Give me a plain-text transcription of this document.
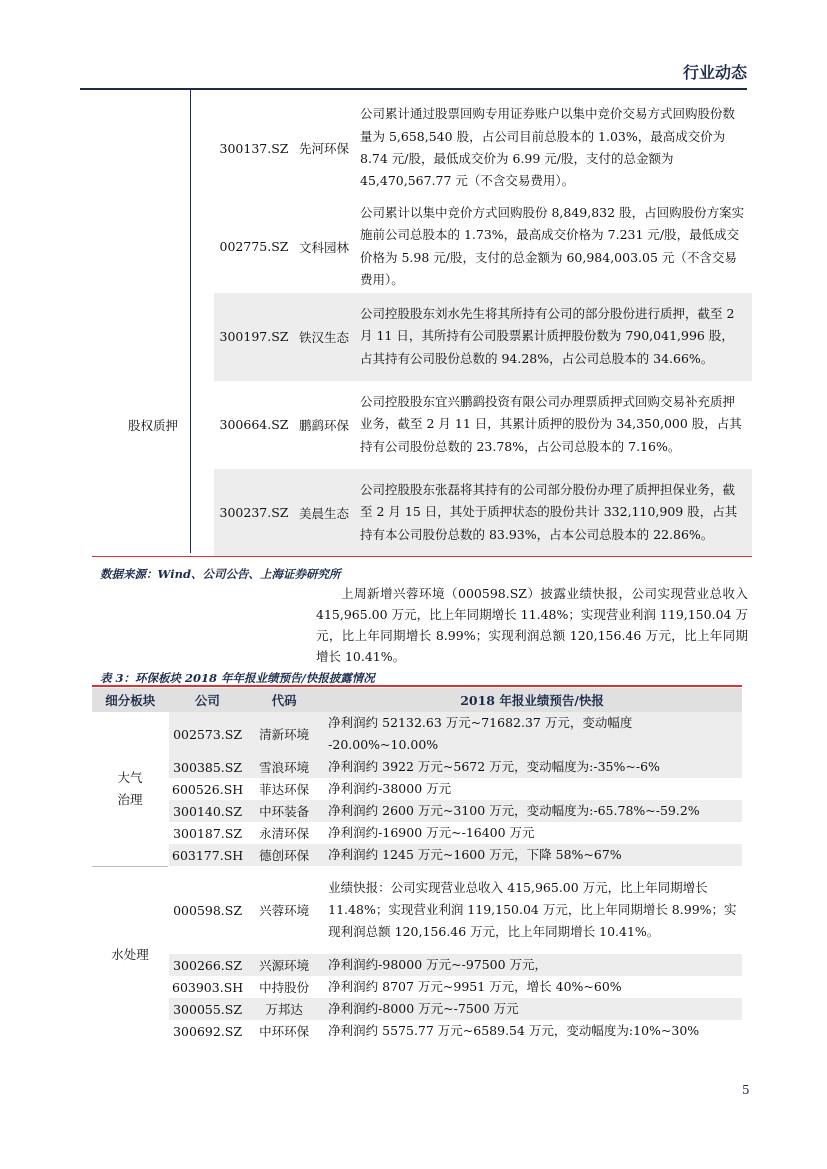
行业动态
	300137.SZ	先河环保	公司累计通过股票回购专用证券账户以集中竞价交易方式回购股份数量为 5,658,540 股，占公司目前总股本的 1.03%，最高成交价为 8.74 元/股，最低成交价为 6.99 元/股，支付的总金额为 45,470,567.77 元（不含交易费用）。
	002775.SZ	文科园林	公司累计以集中竞价方式回购股份 8,849,832 股，占回购股份方案实施前公司总股本的 1.73%，最高成交价格为 7.231 元/股，最低成交价格为 5.98 元/股，支付的总金额为 60,984,003.05 元（不含交易费用）。
	300197.SZ	铁汉生态	公司控股股东刘水先生将其所持有公司的部分股份进行质押，截至 2 月 11 日，其所持有公司股票累计质押股份数为 790,041,996 股，占其持有公司股份总数的 94.28%，占公司总股本的 34.66%。
股权质押	300664.SZ	鹏鹞环保	公司控股股东宜兴鹏鹞投资有限公司办理票质押式回购交易补充质押业务，截至 2 月 11 日，其累计质押的股份为 34,350,000 股，占其持有公司股份总数的 23.78%，占公司总股本的 7.16%。
	300237.SZ	美晨生态	公司控股股东张磊将其持有的公司部分股份办理了质押担保业务，截至 2 月 15 日，其处于质押状态的股份共计 332,110,909 股，占其持有本公司股份总数的 83.93%，占本公司总股本的 22.86%。
数据来源：Wind、公司公告、上海证券研究所
上周新增兴蓉环境（000598.SZ）披露业绩快报，公司实现营业总收入 415,965.00 万元，比上年同期增长 11.48%；实现营业利润 119,150.04 万元，比上年同期增长 8.99%；实现利润总额 120,156.46 万元，比上年同期增长 10.41%。
表 3：环保板块 2018 年年报业绩预告/快报披露情况
细分板块	公司	代码	2018 年报业绩预告/快报
大气
治理	002573.SZ	清新环境	净利润约 52132.63 万元~71682.37 万元，变动幅度 -20.00%~10.00%
	300385.SZ	雪浪环境	净利润约 3922 万元~5672 万元，变动幅度为:-35%~-6%
	600526.SH	菲达环保	净利润约-38000 万元
	300140.SZ	中环装备	净利润约 2600 万元~3100 万元，变动幅度为:-65.78%~-59.2%
	300187.SZ	永清环保	净利润约-16900 万元~-16400 万元
	603177.SH	德创环保	净利润约 1245 万元~1600 万元，下降 58%~67%
水处理	000598.SZ	兴蓉环境	业绩快报：公司实现营业总收入 415,965.00 万元，比上年同期增长 11.48%；实现营业利润 119,150.04 万元，比上年同期增长 8.99%；实现利润总额 120,156.46 万元，比上年同期增长 10.41%。
	300266.SZ	兴源环境	净利润约-98000 万元~-97500 万元，
	603903.SH	中持股份	净利润约 8707 万元~9951 万元，增长 40%~60%
	300055.SZ	万邦达	净利润约-8000 万元~-7500 万元
	300692.SZ	中环环保	净利润约 5575.77 万元~6589.54 万元，变动幅度为:10%~30%
5
